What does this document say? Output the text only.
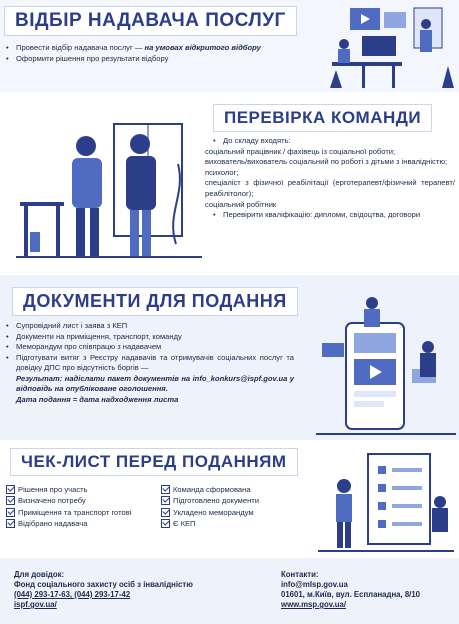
ВІДБІР НАДАВАЧА ПОСЛУГ
• Провести відбір надавача послуг — на умовах відкритого відбору
• Оформити рішення про результати відбору
ПЕРЕВІРКА КОМАНДИ
• До складу входять:

соціальний працівник / фахівець із соціальної роботи;

вихователь/вихователь соціальний по роботі з дітьми з інвалідністю;

психолог;

спеціаліст з фізичної реабілітації (ерготерапевт/фізичний терапевт/реабілітолог);

соціальний робітник

• Перевірити кваліфікацію: дипломи, свідоцтва, договори
ДОКУМЕНТИ ДЛЯ ПОДАННЯ
• Супровідний лист і заява з КЕП
• Документи на приміщення, транспорт, команду
• Меморандум про співпрацю з надавачем
• Підготувати витяг з Реєстру надавачів та отримувачів соціальних послуг та довідку ДПС про відсутність боргів —
Результат: надіслати пакет документів на info_konkurs@ispf.gov.ua у відповідь на опубліковане оголошення.
Дата подання = дата надходження листа
ЧЕК-ЛИСТ ПЕРЕД ПОДАННЯМ
Рішення про участь	Команда сформована
Визначено потребу	Підготовлено документи
Приміщення та транспорт готові	Укладено меморандум
Відібрано надавача	Є КЕП
Для довідок:
Фонд соціального захисту осіб з інвалідністю
(044) 293-17-63, (044) 293-17-42
ispf.gov.ua/
Контакти:
info@mlsp.gov.ua
01601, м.Київ, вул. Еспланадна, 8/10
www.msp.gov.ua/
